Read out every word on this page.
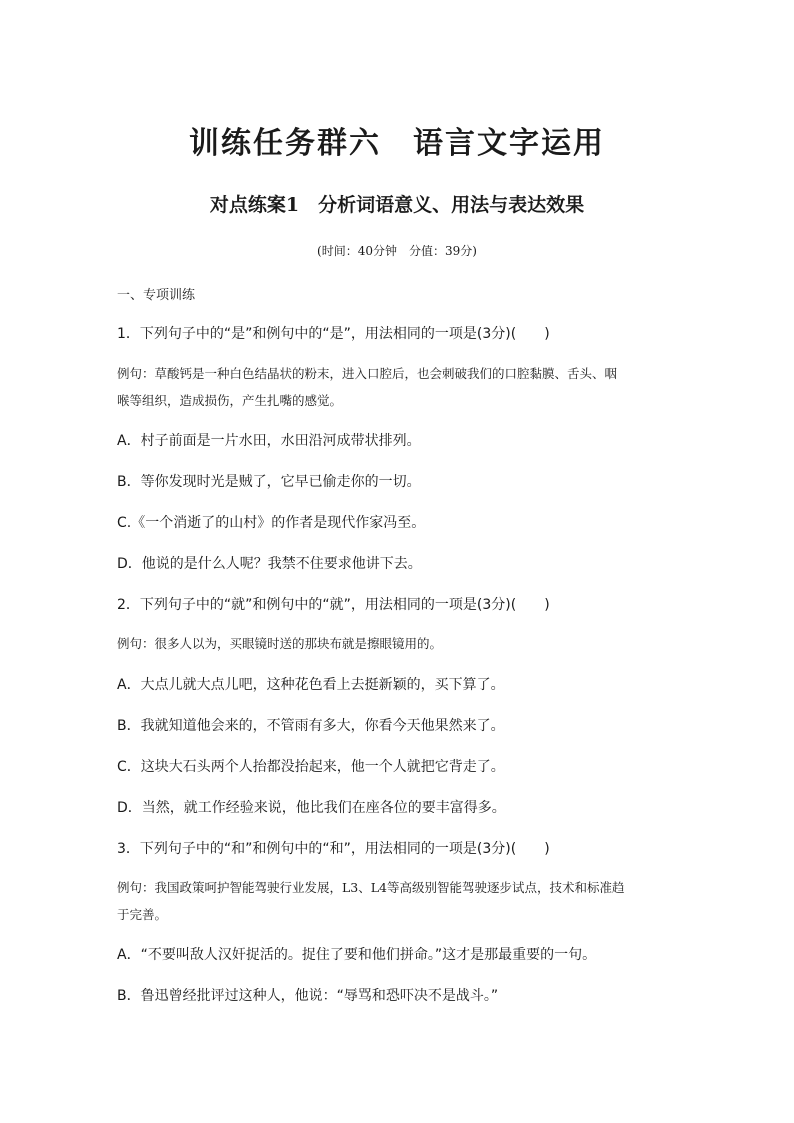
训练任务群六　语言文字运用
对点练案1　分析词语意义、用法与表达效果
(时间：40分钟　分值：39分)
一、专项训练
1．下列句子中的“是”和例句中的“是”，用法相同的一项是(3分)(　　)
例句：草酸钙是一种白色结晶状的粉末，进入口腔后，也会刺破我们的口腔黏膜、舌头、咽
喉等组织，造成损伤，产生扎嘴的感觉。
A．村子前面是一片水田，水田沿河成带状排列。
B．等你发现时光是贼了，它早已偷走你的一切。
C.《一个消逝了的山村》的作者是现代作家冯至。
D．他说的是什么人呢？我禁不住要求他讲下去。
2．下列句子中的“就”和例句中的“就”，用法相同的一项是(3分)(　　)
例句：很多人以为，买眼镜时送的那块布就是擦眼镜用的。
A．大点儿就大点儿吧，这种花色看上去挺新颖的，买下算了。
B．我就知道他会来的，不管雨有多大，你看今天他果然来了。
C．这块大石头两个人抬都没抬起来，他一个人就把它背走了。
D．当然，就工作经验来说，他比我们在座各位的要丰富得多。
3．下列句子中的“和”和例句中的“和”，用法相同的一项是(3分)(　　)
例句：我国政策呵护智能驾驶行业发展，L3、L4等高级别智能驾驶逐步试点，技术和标准趋
于完善。
A．“不要叫敌人汉奸捉活的。捉住了要和他们拼命。”这才是那最重要的一句。
B．鲁迅曾经批评过这种人，他说：“辱骂和恐吓决不是战斗。”
